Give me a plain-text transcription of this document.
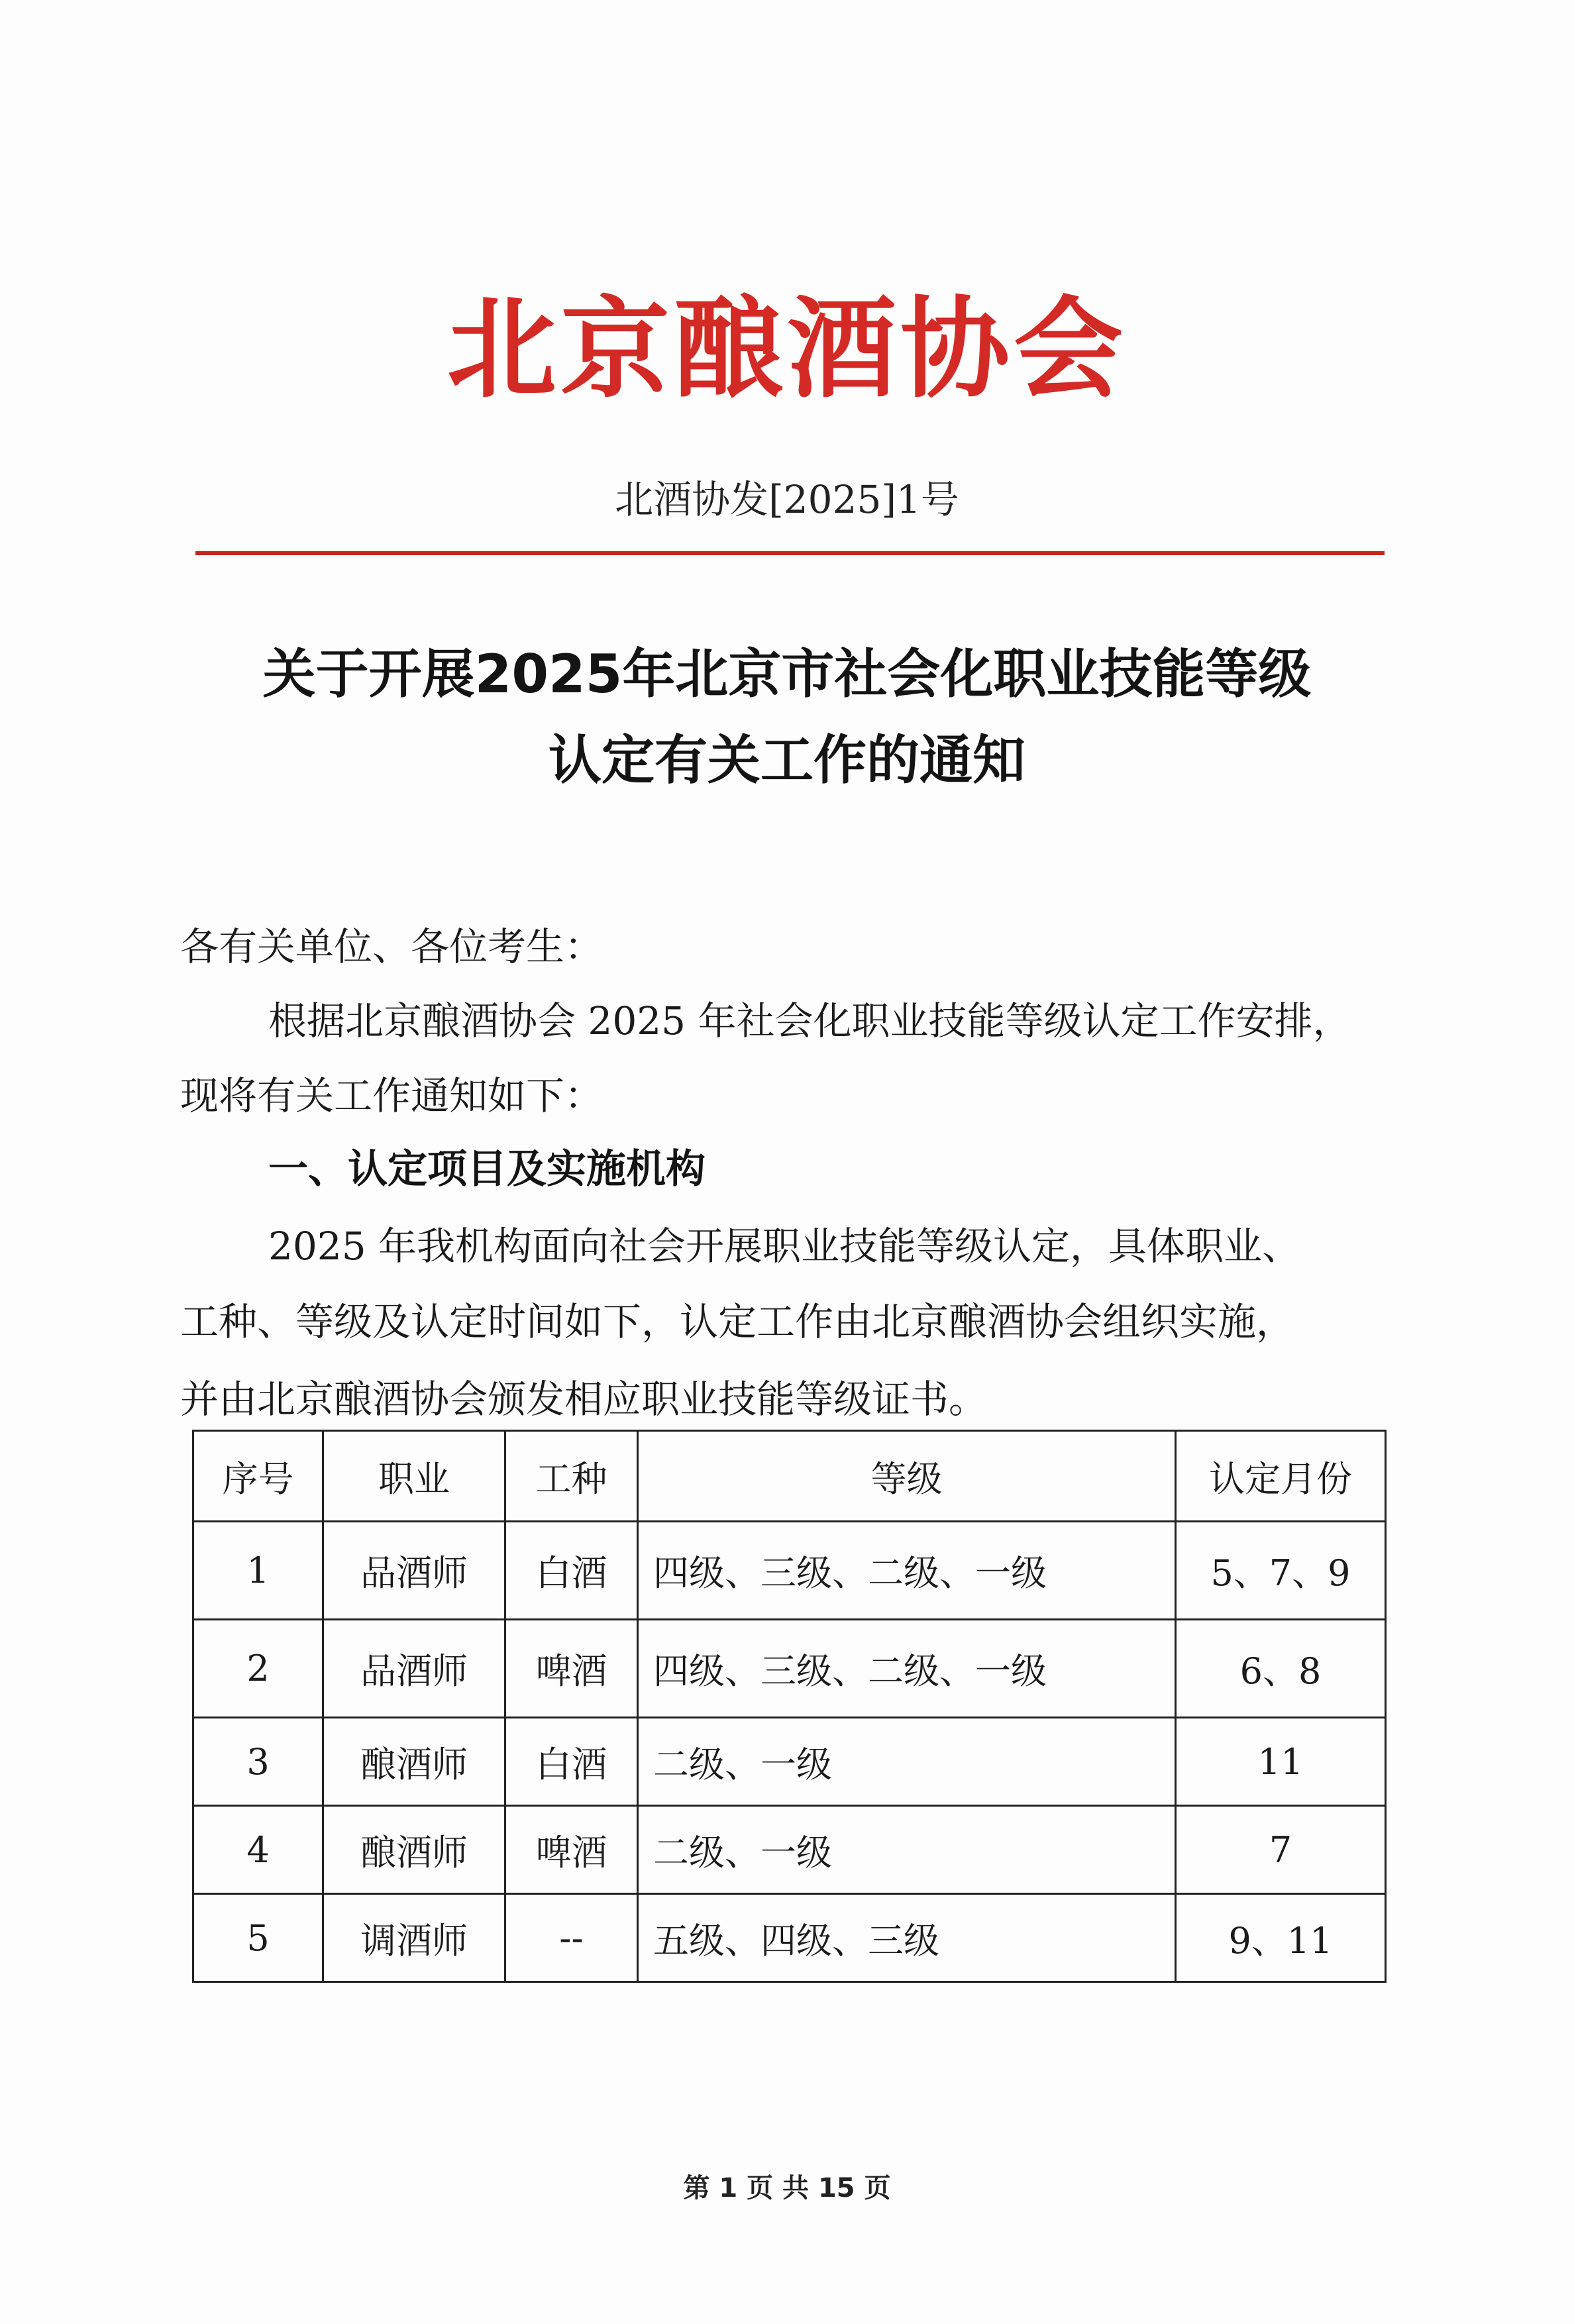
北京酿酒协会
北酒协发[2025]1号
关于开展2025年北京市社会化职业技能等级
认定有关工作的通知
各有关单位、各位考生：
根据北京酿酒协会 2025 年社会化职业技能等级认定工作安排，
现将有关工作通知如下：
一、认定项目及实施机构
2025 年我机构面向社会开展职业技能等级认定，具体职业、
工种、等级及认定时间如下，认定工作由北京酿酒协会组织实施，
并由北京酿酒协会颁发相应职业技能等级证书。
序号	职业	工种	等级	认定月份
1	品酒师	白酒	四级、三级、二级、一级	5、7、9
2	品酒师	啤酒	四级、三级、二级、一级	6、8
3	酿酒师	白酒	二级、一级	11
4	酿酒师	啤酒	二级、一级	7
5	调酒师	--	五级、四级、三级	9、11
第 1 页 共 15 页
